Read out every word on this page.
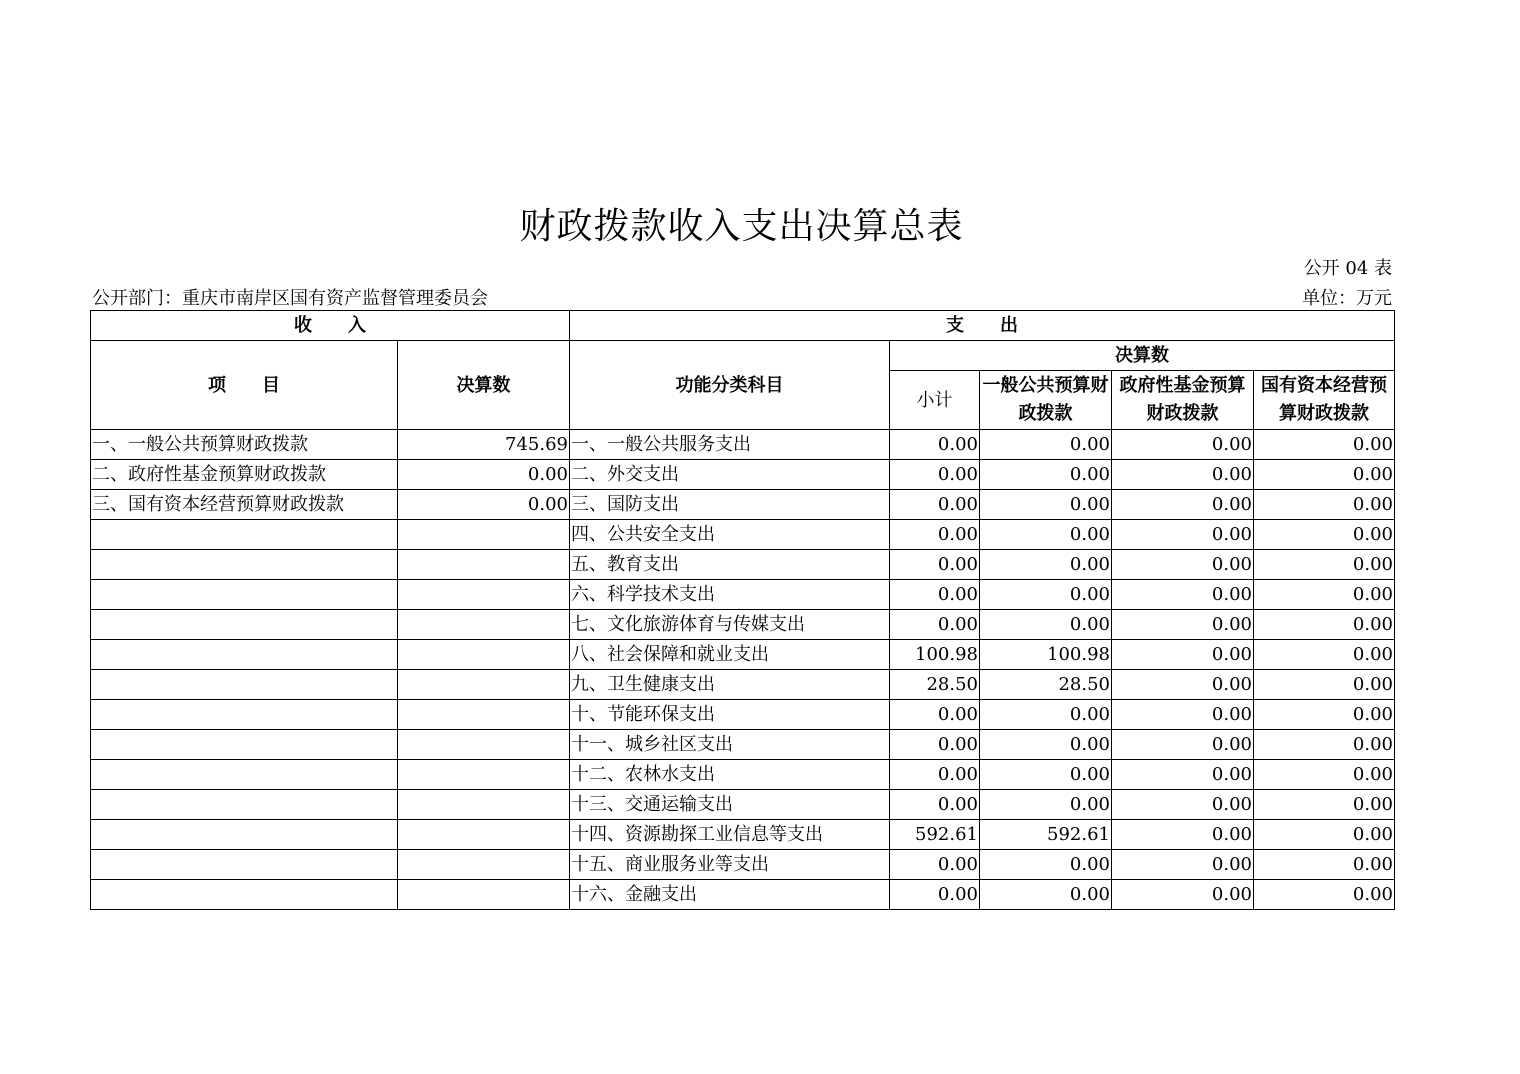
财政拨款收入支出决算总表
公开 04 表
公开部门：重庆市南岸区国有资产监督管理委员会	单位：万元
收　　入		支　　出				
项　　目	决算数	功能分类科目	决算数			
			小计	一般公共预算财政拨款	政府性基金预算财政拨款	国有资本经营预算财政拨款
一、一般公共预算财政拨款	745.69	一、一般公共服务支出	0.00	0.00	0.00	0.00
二、政府性基金预算财政拨款	0.00	二、外交支出	0.00	0.00	0.00	0.00
三、国有资本经营预算财政拨款	0.00	三、国防支出	0.00	0.00	0.00	0.00
		四、公共安全支出	0.00	0.00	0.00	0.00
		五、教育支出	0.00	0.00	0.00	0.00
		六、科学技术支出	0.00	0.00	0.00	0.00
		七、文化旅游体育与传媒支出	0.00	0.00	0.00	0.00
		八、社会保障和就业支出	100.98	100.98	0.00	0.00
		九、卫生健康支出	28.50	28.50	0.00	0.00
		十、节能环保支出	0.00	0.00	0.00	0.00
		十一、城乡社区支出	0.00	0.00	0.00	0.00
		十二、农林水支出	0.00	0.00	0.00	0.00
		十三、交通运输支出	0.00	0.00	0.00	0.00
		十四、资源勘探工业信息等支出	592.61	592.61	0.00	0.00
		十五、商业服务业等支出	0.00	0.00	0.00	0.00
		十六、金融支出	0.00	0.00	0.00	0.00
